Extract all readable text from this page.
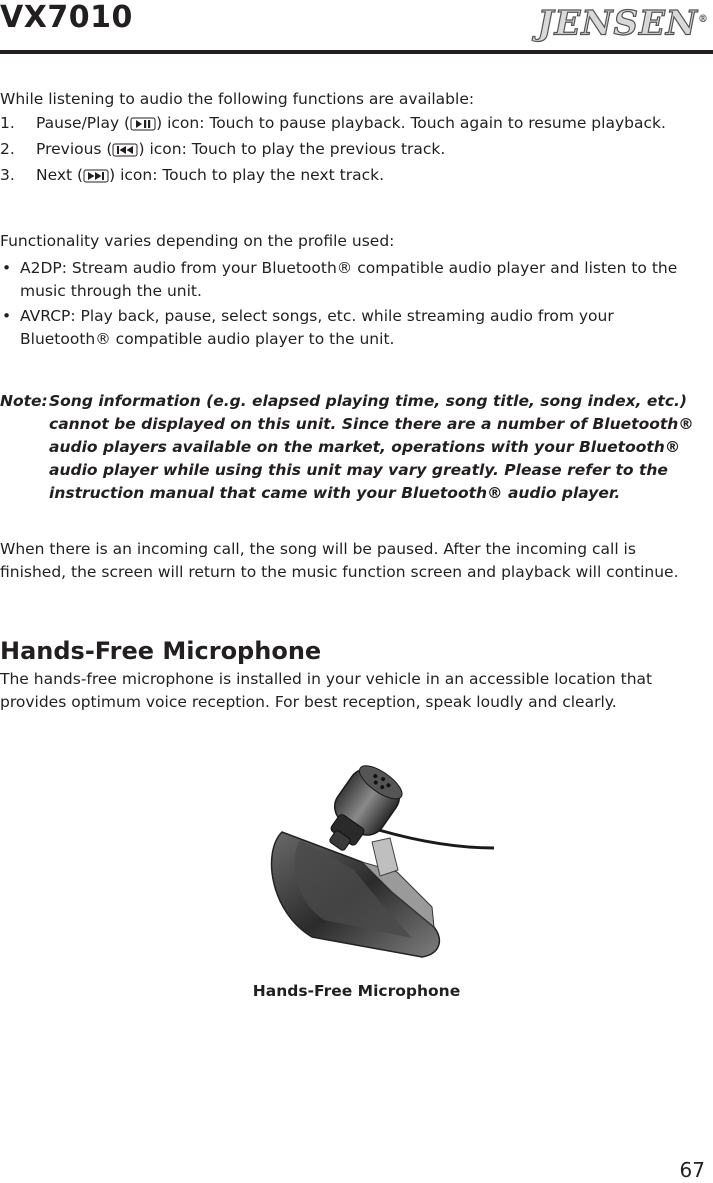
VX7010	JENSEN®

While listening to audio the following functions are available:

1.	Pause/Play ( ) icon: Touch to pause playback. Touch again to resume playback.
2.	Previous ( ) icon: Touch to play the previous track.
3.	Next ( ) icon: Touch to play the next track.

Functionality varies depending on the profile used:

• A2DP: Stream audio from your Bluetooth® compatible audio player and listen to the music through the unit.
• AVRCP: Play back, pause, select songs, etc. while streaming audio from your Bluetooth® compatible audio player to the unit.
Note: Song information (e.g. elapsed playing time, song title, song index, etc.) cannot be displayed on this unit. Since there are a number of Bluetooth® audio players available on the market, operations with your Bluetooth® audio player while using this unit may vary greatly. Please refer to the instruction manual that came with your Bluetooth® audio player.

When there is an incoming call, the song will be paused. After the incoming call is finished, the screen will return to the music function screen and playback will continue.

Hands-Free Microphone

The hands-free microphone is installed in your vehicle in an accessible location that provides optimum voice reception. For best reception, speak loudly and clearly.

Hands-Free Microphone
67
